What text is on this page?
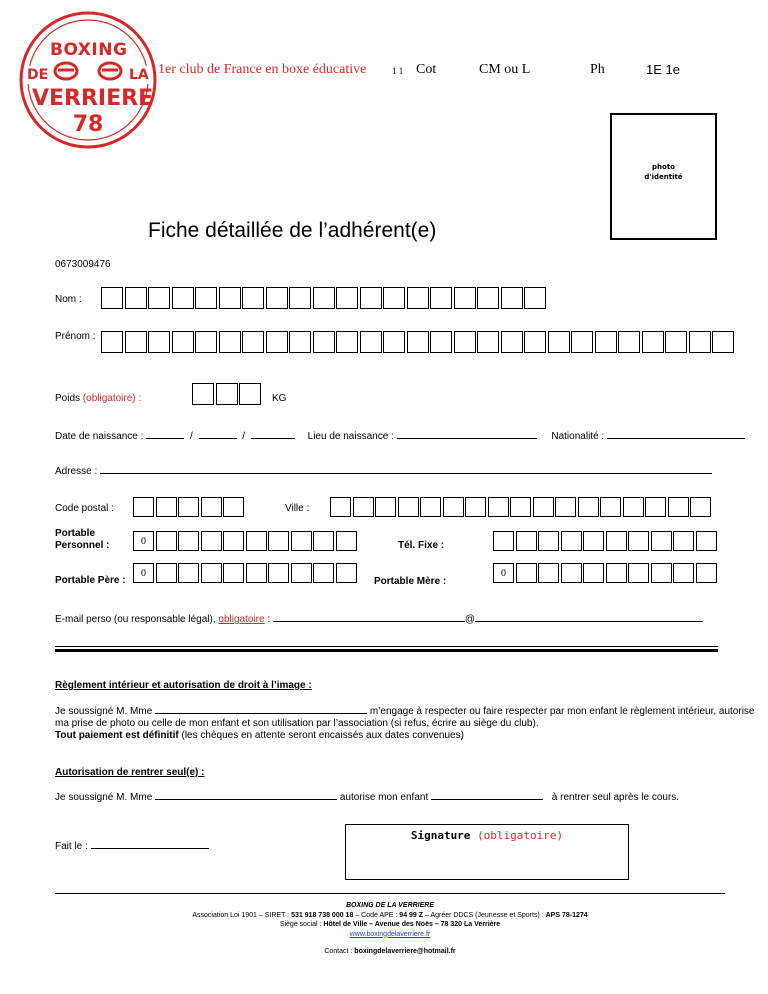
BOXING
DE	LA
VERRIERE
78
1er club de France en boxe éducative	1 1 Cot	CM ou L	Ph	1E 1e
photo
d'identité
Fiche détaillée de l’adhérent(e)
0673009476
Nom :
Prénom :
Poids (obligatoire) :	KG
Date de naissance :	/	/	Lieu de naissance :	Nationalité :
Adresse :
Code postal :	Ville :
Portable
Personnel :	0	Tél. Fixe :
Portable Père :
0
Portable Mère :
0
E-mail perso (ou responsable légal), obligatoire :	@
Règlement intérieur et autorisation de droit à l’image :
Je soussigné M. Mme	m’engage à respecter ou faire respecter par mon enfant le règlement intérieur, autorise
ma prise de photo ou celle de mon enfant et son utilisation par l’association (si refus, écrire au siège du club).
Tout paiement est définitif (les chèques en attente seront encaissés aux dates convenues)
Autorisation de rentrer seul(e) :
Je soussigné M. Mme	autorise mon enfant	à rentrer seul après le cours.
Fait le :
Signature (obligatoire)
BOXING DE LA VERRIERE
Association Loi 1901 – SIRET : 531 918 738 000 18 – Code APE : 94 99 Z – Agréer DDCS (Jeunesse et Sports) : APS 78-1274
Siège social : Hôtel de Ville – Avenue des Noës – 78 320 La Verrière
www.boxingdelaverriere.fr
Contact : boxingdelaverriere@hotmail.fr
